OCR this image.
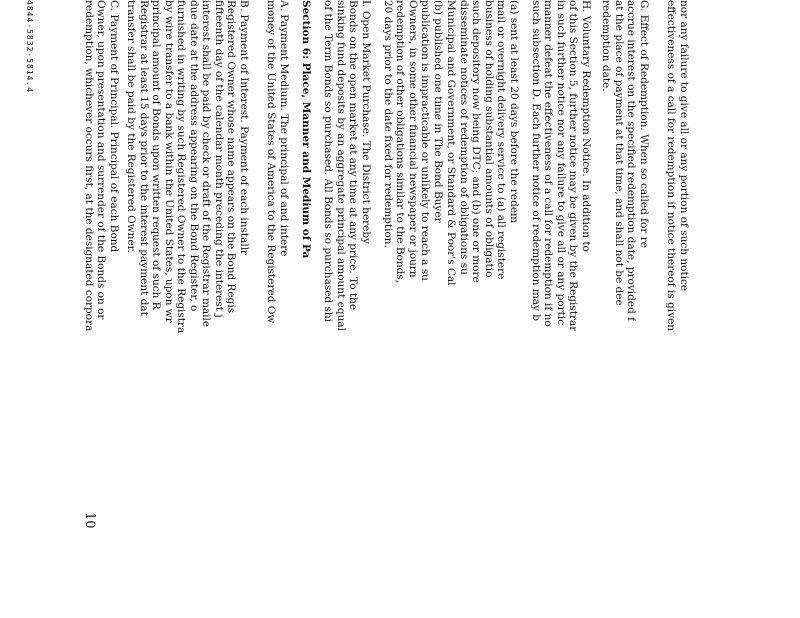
nor any failure to give all or any portion of such notice
effectiveness of a call for redemption if notice thereof is given
G. Effect of Redemption. When so called for re
accrue interest on the specified redemption date, provided f
at the place of payment at that time, and shall not be dee
redemption date.
H. Voluntary Redemption Notice. In addition to
of this Section 5, further notice may be given by the Registrar
in such further notice nor any failure to give all or any portic
manner defeat the effectiveness of a call for redemption if no
such subsection D. Each further notice of redemption may b
(a) sent at least 20 days before the redem
mail or overnight delivery service to (a) all registere
business of holding substantial amounts of obligatio
such depository now being DTC; and (b) one or more
disseminate notices of redemption of obligations su
Municipal and Government, or Standard & Poor's Cal
(b) published one time in The Bond Buyer
publication is impracticable or unlikely to reach a su
Owners, in some other financial newspaper or journ
redemption of other obligations similar to the Bonds,
20 days prior to the date fixed for redemption.
I. Open Market Purchase. The District hereby
Bonds on the open market at any time at any price. To the
sinking fund deposits by an aggregate principal amount equal
of the Term Bonds so purchased. All Bonds so purchased shi
Section 6: Place, Manner and Medium of Pa
A. Payment Medium. The principal of and intere
money of the United States of America to the Registered Ow
B. Payment of Interest. Payment of each installr
Registered Owner whose name appears on the Bond Regis
fifteenth day of the calendar month preceding the interest j
interest shall be paid by check or draft of the Registrar maile
due date at the address appearing on the Bond Register, o
furnished in writing by such Registered Owner to the Registra
by wire transfer to a bank within the United States, upon wr
principal amount of Bonds upon written request of such R
Registrar at least 15 days prior to the interest payment dat
transfer shall be paid by the Registered Owner.
C. Payment of Principal. Principal of each Bond
Owner, upon presentation and surrender of the Bonds on or
redemption, whichever occurs first, at the designated corpora
10
4844-5832-5814.4
